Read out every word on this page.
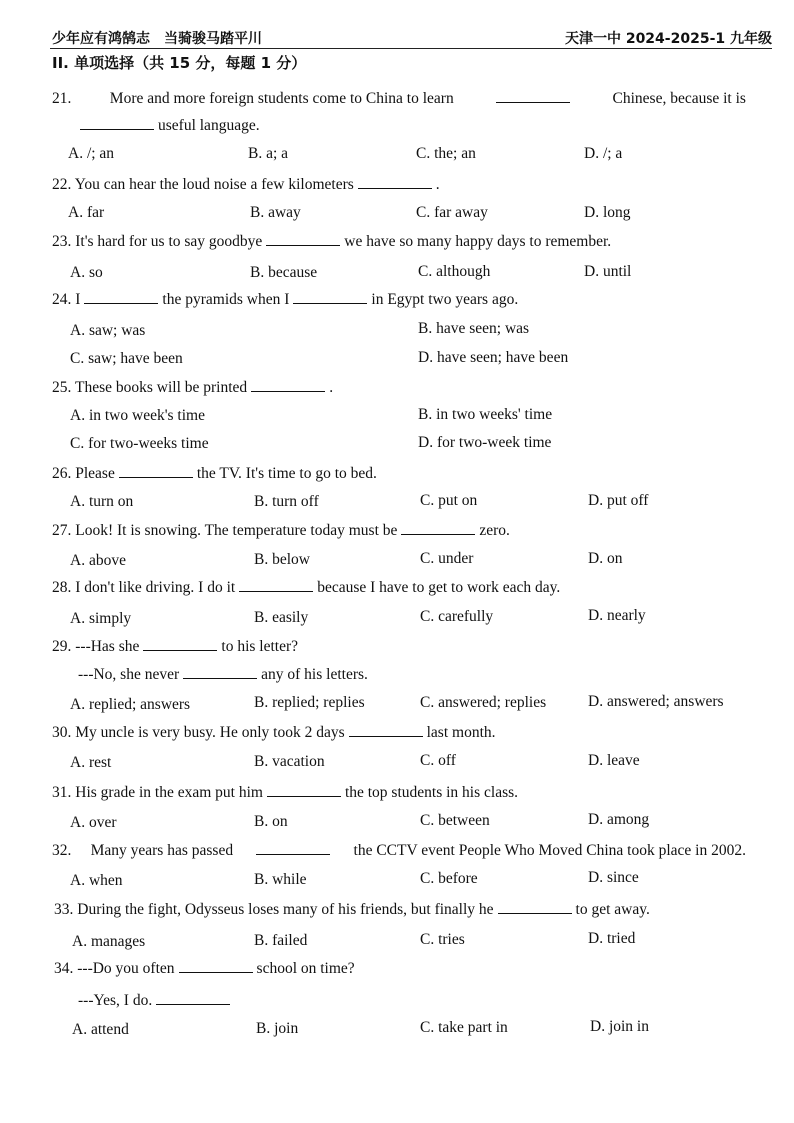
少年应有鸿鹄志　当骑骏马踏平川	天津一中 2024-2025-1 九年级
II. 单项选择（共 15 分，每题 1 分）
21. More and more foreign students come to China to learn	Chinese, because it is
useful language.
A. /; an	B. a; a	C. the; an	D. /; a
22. You can hear the loud noise a few kilometers	.
A. far	B. away	C. far away	D. long
23. It's hard for us to say goodbye	we have so many happy days to remember.
A. so	B. because	C. although	D. until
24. I	the pyramids when I	in Egypt two years ago.
A. saw; was	B. have seen; was
C. saw; have been	D. have seen; have been
25. These books will be printed	.
A. in two week's time	B. in two weeks' time
C. for two-weeks time	D. for two-week time
26. Please	the TV. It's time to go to bed.
A. turn on	B. turn off	C. put on	D. put off
27. Look! It is snowing. The temperature today must be	zero.
A. above	B. below	C. under	D. on
28. I don't like driving. I do it	because I have to get to work each day.
A. simply	B. easily	C. carefully	D. nearly
29. ---Has she	to his letter?
---No, she never	any of his letters.
A. replied; answers	B. replied; replies	C. answered; replies	D. answered; answers
30. My uncle is very busy. He only took 2 days	last month.
A. rest	B. vacation	C. off	D. leave
31. His grade in the exam put him	the top students in his class.
A. over	B. on	C. between	D. among
32. Many years has passed	the CCTV event People Who Moved China took place in 2002.
A. when	B. while	C. before	D. since
33. During the fight, Odysseus loses many of his friends, but finally he	to get away.
A. manages	B. failed	C. tries	D. tried
34. ---Do you often	school on time?
---Yes, I do.
A. attend	B. join	C. take part in	D. join in
